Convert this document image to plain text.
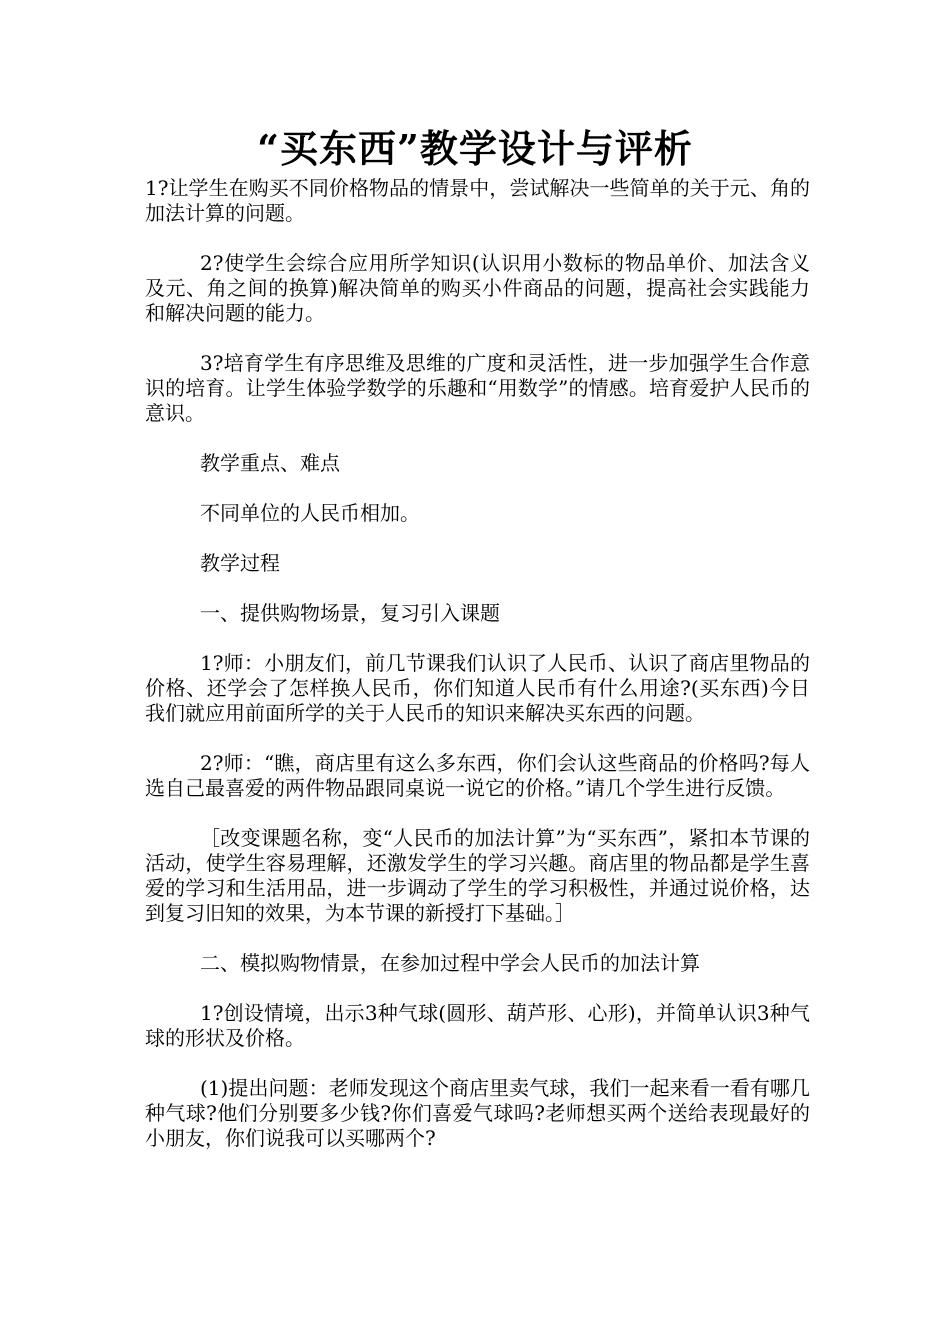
“买东西”教学设计与评析

1?让学生在购买不同价格物品的情景中，尝试解决一些简单的关于元、角的加法计算的问题。

2?使学生会综合应用所学知识(认识用小数标的物品单价、加法含义及元、角之间的换算)解决简单的购买小件商品的问题，提高社会实践能力和解决问题的能力。

3?培育学生有序思维及思维的广度和灵活性，进一步加强学生合作意识的培育。让学生体验学数学的乐趣和“用数学”的情感。培育爱护人民币的意识。

教学重点、难点

不同单位的人民币相加。

教学过程

一、提供购物场景，复习引入课题

1?师：小朋友们，前几节课我们认识了人民币、认识了商店里物品的价格、还学会了怎样换人民币，你们知道人民币有什么用途?(买东西)今日我们就应用前面所学的关于人民币的知识来解决买东西的问题。

2?师：“瞧，商店里有这么多东西，你们会认这些商品的价格吗?每人选自己最喜爱的两件物品跟同桌说一说它的价格。”请几个学生进行反馈。

［改变课题名称，变“人民币的加法计算”为“买东西”，紧扣本节课的活动，使学生容易理解，还激发学生的学习兴趣。商店里的物品都是学生喜爱的学习和生活用品，进一步调动了学生的学习积极性，并通过说价格，达到复习旧知的效果，为本节课的新授打下基础。］

二、模拟购物情景，在参加过程中学会人民币的加法计算

1?创设情境，出示3种气球(圆形、葫芦形、心形)，并简单认识3种气球的形状及价格。

(1)提出问题：老师发现这个商店里卖气球，我们一起来看一看有哪几种气球?他们分别要多少钱?你们喜爱气球吗?老师想买两个送给表现最好的小朋友，你们说我可以买哪两个?
